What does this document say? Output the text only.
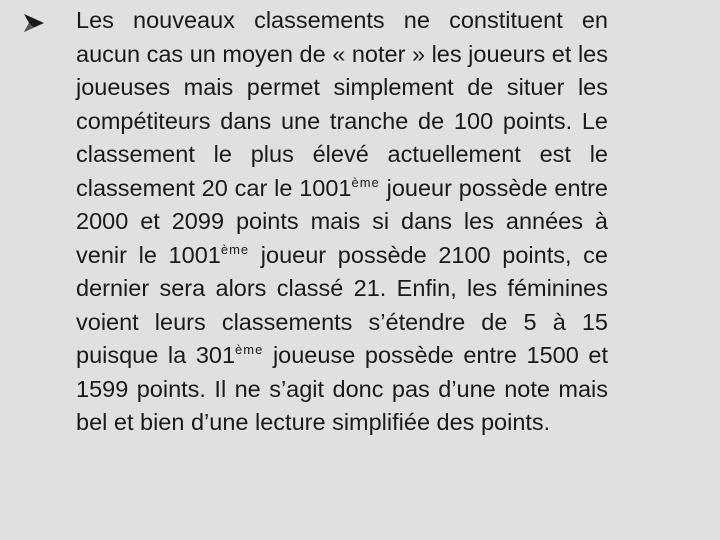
Les nouveaux classements ne constituent en aucun cas un moyen de « noter » les joueurs et les joueuses mais permet simplement de situer les compétiteurs dans une tranche de 100 points. Le classement le plus élevé actuellement est le classement 20 car le 1001ème joueur possède entre 2000 et 2099 points mais si dans les années à venir le 1001ème joueur possède 2100 points, ce dernier sera alors classé 21. Enfin, les féminines voient leurs classements s’étendre de 5 à 15 puisque la 301ème joueuse possède entre 1500 et 1599 points. Il ne s’agit donc pas d’une note mais bel et bien d’une lecture simplifiée des points.
